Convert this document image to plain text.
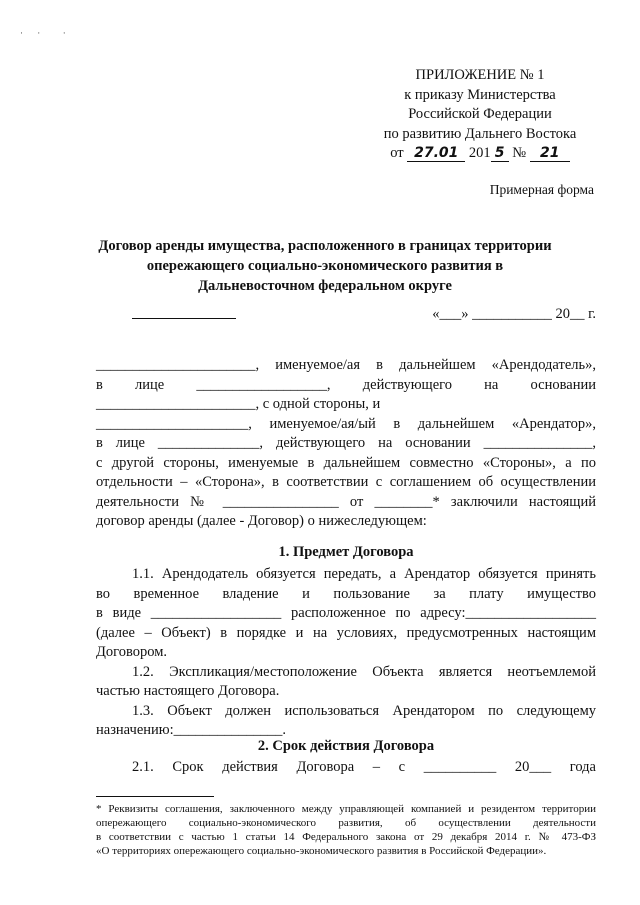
· ·  ·
ПРИЛОЖЕНИЕ № 1
к приказу Министерства
Российской Федерации
по развитию Дальнего Востока
от 27.01 201 5 № 21
Примерная форма
Договор аренды имущества, расположенного в границах территории опережающего социально-экономического развития в Дальневосточном федеральном округе
«___» ___________ 20__ г.

______________________, именуемое/ая в дальнейшем «Арендодатель»,

в лице __________________, действующего на основании

______________________, с одной стороны, и

_____________________, именуемое/ая/ый в дальнейшем «Арендатор»,

в лице ______________, действующего на основании _______________,

с другой стороны, именуемые в дальнейшем совместно «Стороны», а по

отдельности – «Сторона», в соответствии с соглашением об осуществлении

деятельности № ________________ от ________* заключили настоящий

договор аренды (далее - Договор) о нижеследующем:

1. Предмет Договора

1.1. Арендодатель обязуется передать, а Арендатор обязуется принять

во временное владение и пользование за плату имущество

в виде __________________ расположенное по адресу:__________________

(далее – Объект) в порядке и на условиях, предусмотренных настоящим

Договором.

1.2. Экспликация/местоположение Объекта является неотъемлемой

частью настоящего Договора.

1.3. Объект должен использоваться Арендатором по следующему

назначению:_______________.

2. Срок действия Договора

2.1. Срок действия Договора – с __________ 20___ года

* Реквизиты соглашения, заключенного между управляющей компанией и резидентом территории

опережающего социально-экономического развития, об осуществлении деятельности

в соответствии с частью 1 статьи 14 Федерального закона от 29 декабря 2014 г. № 473-ФЗ

«О территориях опережающего социально-экономического развития в Российской Федерации».
